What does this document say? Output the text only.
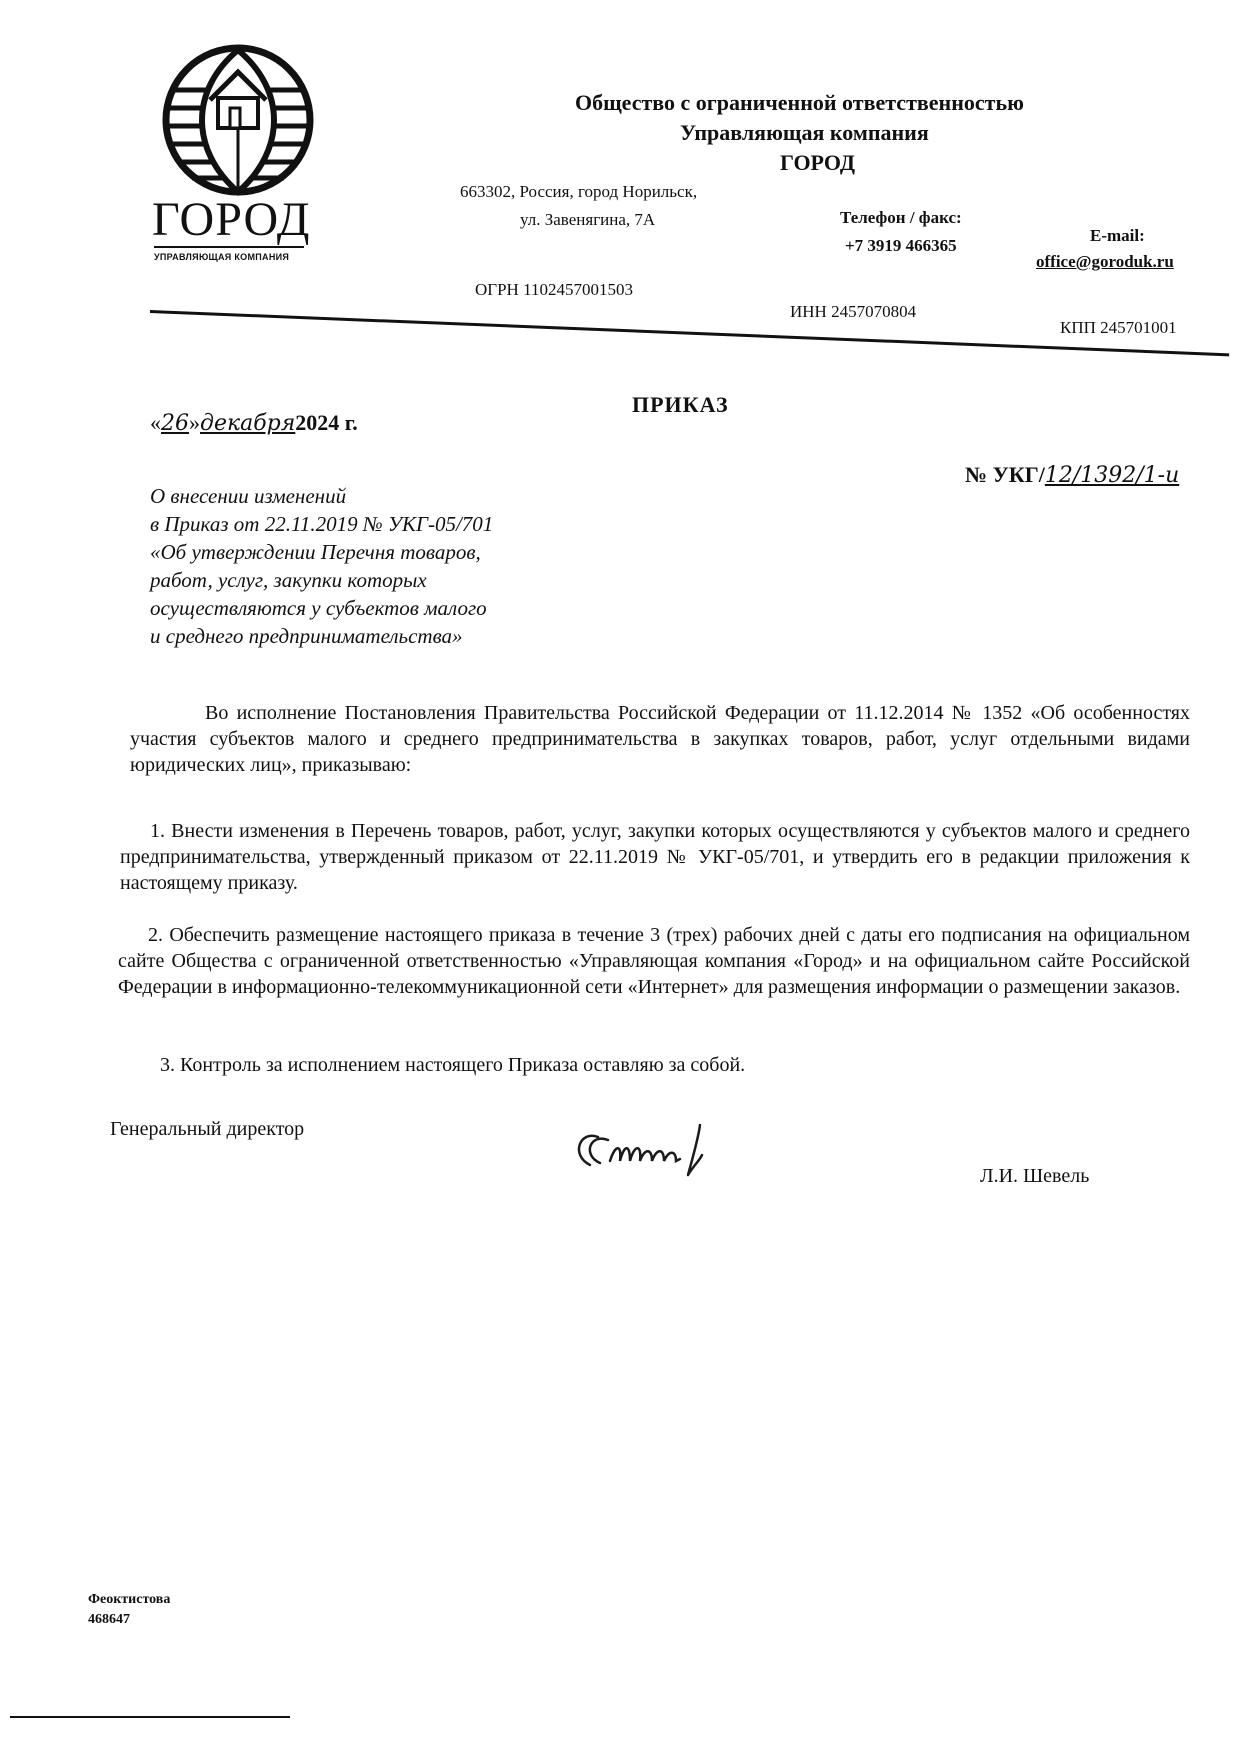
ГОРОД
УПРАВЛЯЮЩАЯ КОМПАНИЯ
Общество с ограниченной ответственностью
Управляющая компания
ГОРОД
663302, Россия, город Норильск,
ул. Завенягина, 7А	Телефон / факс:
+7 3919 466365
E-mail:
office@goroduk.ru
ОГРН 1102457001503
ИНН 2457070804
КПП 245701001
ПРИКАЗ
«26»декабря2024 г.
№ УКГ/12/1392/1-и
О внесении изменений
в Приказ от 22.11.2019 № УКГ-05/701
«Об утверждении Перечня товаров,
работ, услуг, закупки которых
осуществляются у субъектов малого
и среднего предпринимательства»
Во исполнение Постановления Правительства Российской Федерации от 11.12.2014 № 1352 «Об особенностях участия субъектов малого и среднего предпринимательства в закупках товаров, работ, услуг отдельными видами юридических лиц», приказываю:
1. Внести изменения в Перечень товаров, работ, услуг, закупки которых осуществляются у субъектов малого и среднего предпринимательства, утвержденный приказом от 22.11.2019 № УКГ-05/701, и утвердить его в редакции приложения к настоящему приказу.
2. Обеспечить размещение настоящего приказа в течение 3 (трех) рабочих дней с даты его подписания на официальном сайте Общества с ограниченной ответственностью «Управляющая компания «Город» и на официальном сайте Российской Федерации в информационно-телекоммуникационной сети «Интернет» для размещения информации о размещении заказов.
3. Контроль за исполнением настоящего Приказа оставляю за собой.
Генеральный директор
Л.И. Шевель
Феоктистова
468647
